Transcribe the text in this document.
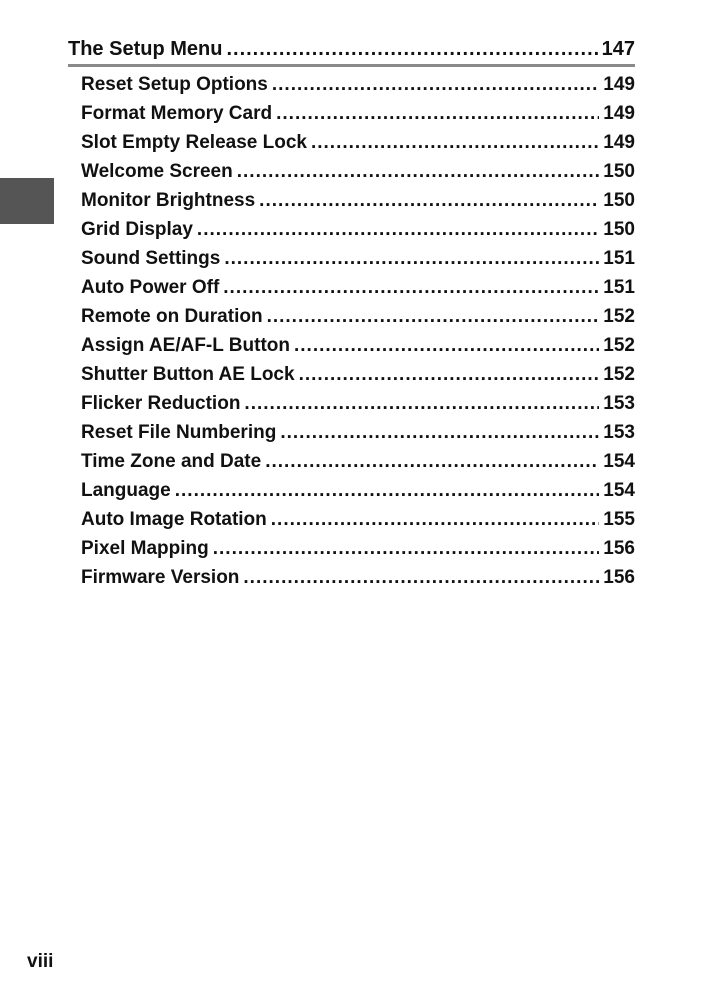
The Setup Menu .....	147
Reset Setup Options .....	149
Format Memory Card .....	149
Slot Empty Release Lock .....	149
Welcome Screen .....	150
Monitor Brightness .....	150
Grid Display .....	150
Sound Settings .....	151
Auto Power Off .....	151
Remote on Duration .....	152
Assign AE/AF-L Button .....	152
Shutter Button AE Lock .....	152
Flicker Reduction .....	153
Reset File Numbering .....	153
Time Zone and Date .....	154
Language .....	154
Auto Image Rotation .....	155
Pixel Mapping .....	156
Firmware Version .....	156
viii
